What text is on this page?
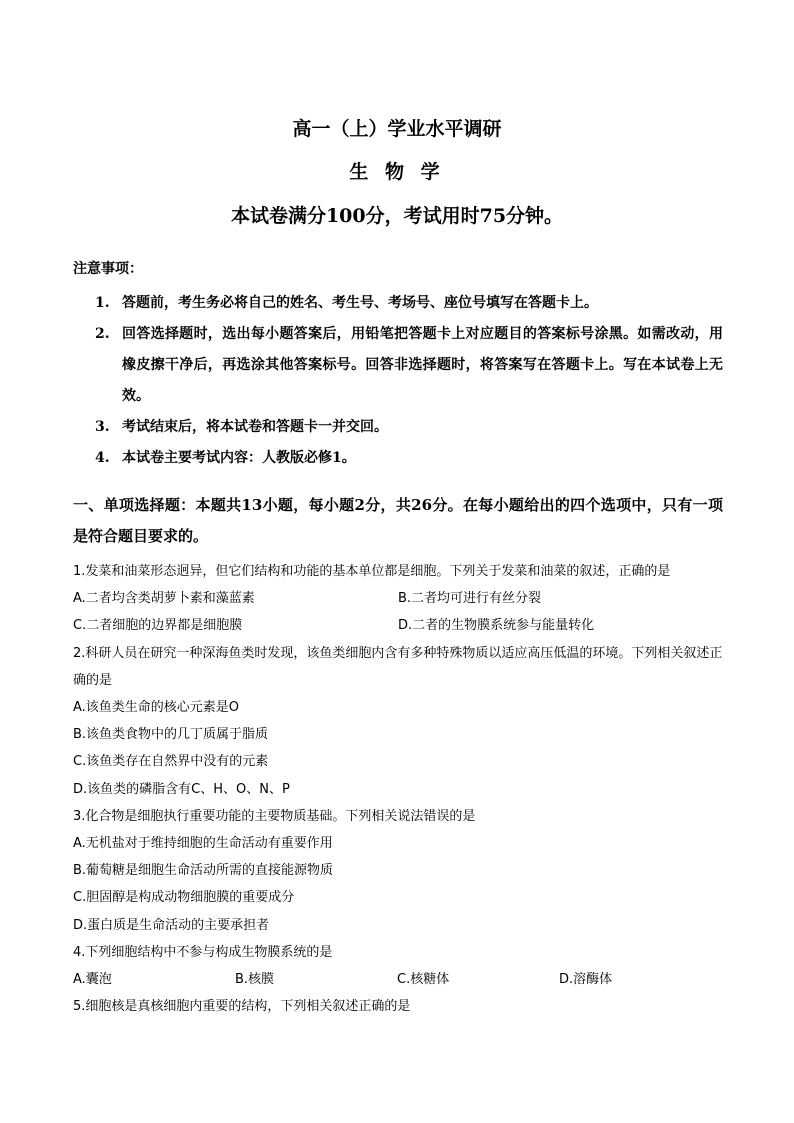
高一（上）学业水平调研
生 物 学
本试卷满分100分，考试用时75分钟。
注意事项：

1. 答题前，考生务必将自己的姓名、考生号、考场号、座位号填写在答题卡上。

2. 回答选择题时，选出每小题答案后，用铅笔把答题卡上对应题目的答案标号涂黑。如需改动，用橡皮擦干净后，再选涂其他答案标号。回答非选择题时，将答案写在答题卡上。写在本试卷上无效。

3. 考试结束后，将本试卷和答题卡一并交回。

4. 本试卷主要考试内容：人教版必修1。

一、单项选择题：本题共13小题，每小题2分，共26分。在每小题给出的四个选项中，只有一项是符合题目要求的。
1.发菜和油菜形态迥异，但它们结构和功能的基本单位都是细胞。下列关于发菜和油菜的叙述，正确的是
A.二者均含类胡萝卜素和藻蓝素	B.二者均可进行有丝分裂
C.二者细胞的边界都是细胞膜	D.二者的生物膜系统参与能量转化
2.科研人员在研究一种深海鱼类时发现，该鱼类细胞内含有多种特殊物质以适应高压低温的环境。下列相关叙述正确的是
A.该鱼类生命的核心元素是O
B.该鱼类食物中的几丁质属于脂质
C.该鱼类存在自然界中没有的元素
D.该鱼类的磷脂含有C、H、O、N、P
3.化合物是细胞执行重要功能的主要物质基础。下列相关说法错误的是
A.无机盐对于维持细胞的生命活动有重要作用
B.葡萄糖是细胞生命活动所需的直接能源物质
C.胆固醇是构成动物细胞膜的重要成分
D.蛋白质是生命活动的主要承担者
4.下列细胞结构中不参与构成生物膜系统的是
A.囊泡	B.核膜	C.核糖体	D.溶酶体
5.细胞核是真核细胞内重要的结构，下列相关叙述正确的是
